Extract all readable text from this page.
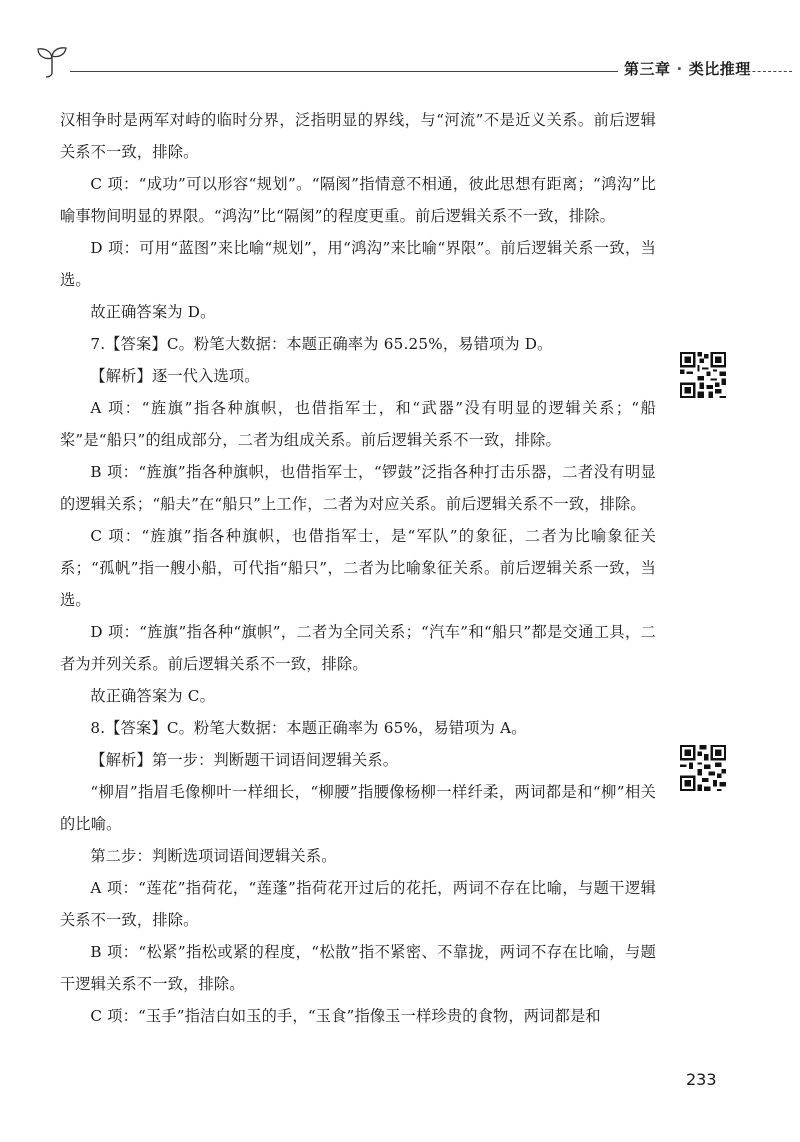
第三章 · 类比推理

汉相争时是两军对峙的临时分界，泛指明显的界线，与“河流”不是近义关系。前后逻辑关系不一致，排除。

C 项：“成功”可以形容“规划”。“隔阂”指情意不相通，彼此思想有距离；“鸿沟”比喻事物间明显的界限。“鸿沟”比“隔阂”的程度更重。前后逻辑关系不一致，排除。

D 项：可用“蓝图”来比喻“规划”，用“鸿沟”来比喻“界限”。前后逻辑关系一致，当选。

故正确答案为 D。

7.【答案】C。粉笔大数据：本题正确率为 65.25%，易错项为 D。

【解析】逐一代入选项。

A 项：“旌旗”指各种旗帜，也借指军士，和“武器”没有明显的逻辑关系；“船桨”是“船只”的组成部分，二者为组成关系。前后逻辑关系不一致，排除。

B 项：“旌旗”指各种旗帜，也借指军士，“锣鼓”泛指各种打击乐器，二者没有明显的逻辑关系；“船夫”在“船只”上工作，二者为对应关系。前后逻辑关系不一致，排除。

C 项：“旌旗”指各种旗帜，也借指军士，是“军队”的象征，二者为比喻象征关系；“孤帆”指一艘小船，可代指“船只”，二者为比喻象征关系。前后逻辑关系一致，当选。

D 项：“旌旗”指各种“旗帜”，二者为全同关系；“汽车”和“船只”都是交通工具，二者为并列关系。前后逻辑关系不一致，排除。

故正确答案为 C。

8.【答案】C。粉笔大数据：本题正确率为 65%，易错项为 A。

【解析】第一步：判断题干词语间逻辑关系。

“柳眉”指眉毛像柳叶一样细长，“柳腰”指腰像杨柳一样纤柔，两词都是和“柳”相关的比喻。

第二步：判断选项词语间逻辑关系。

A 项：“莲花”指荷花，“莲蓬”指荷花开过后的花托，两词不存在比喻，与题干逻辑关系不一致，排除。

B 项：“松紧”指松或紧的程度，“松散”指不紧密、不靠拢，两词不存在比喻，与题干逻辑关系不一致，排除。

C 项：“玉手”指洁白如玉的手，“玉食”指像玉一样珍贵的食物，两词都是和

233
